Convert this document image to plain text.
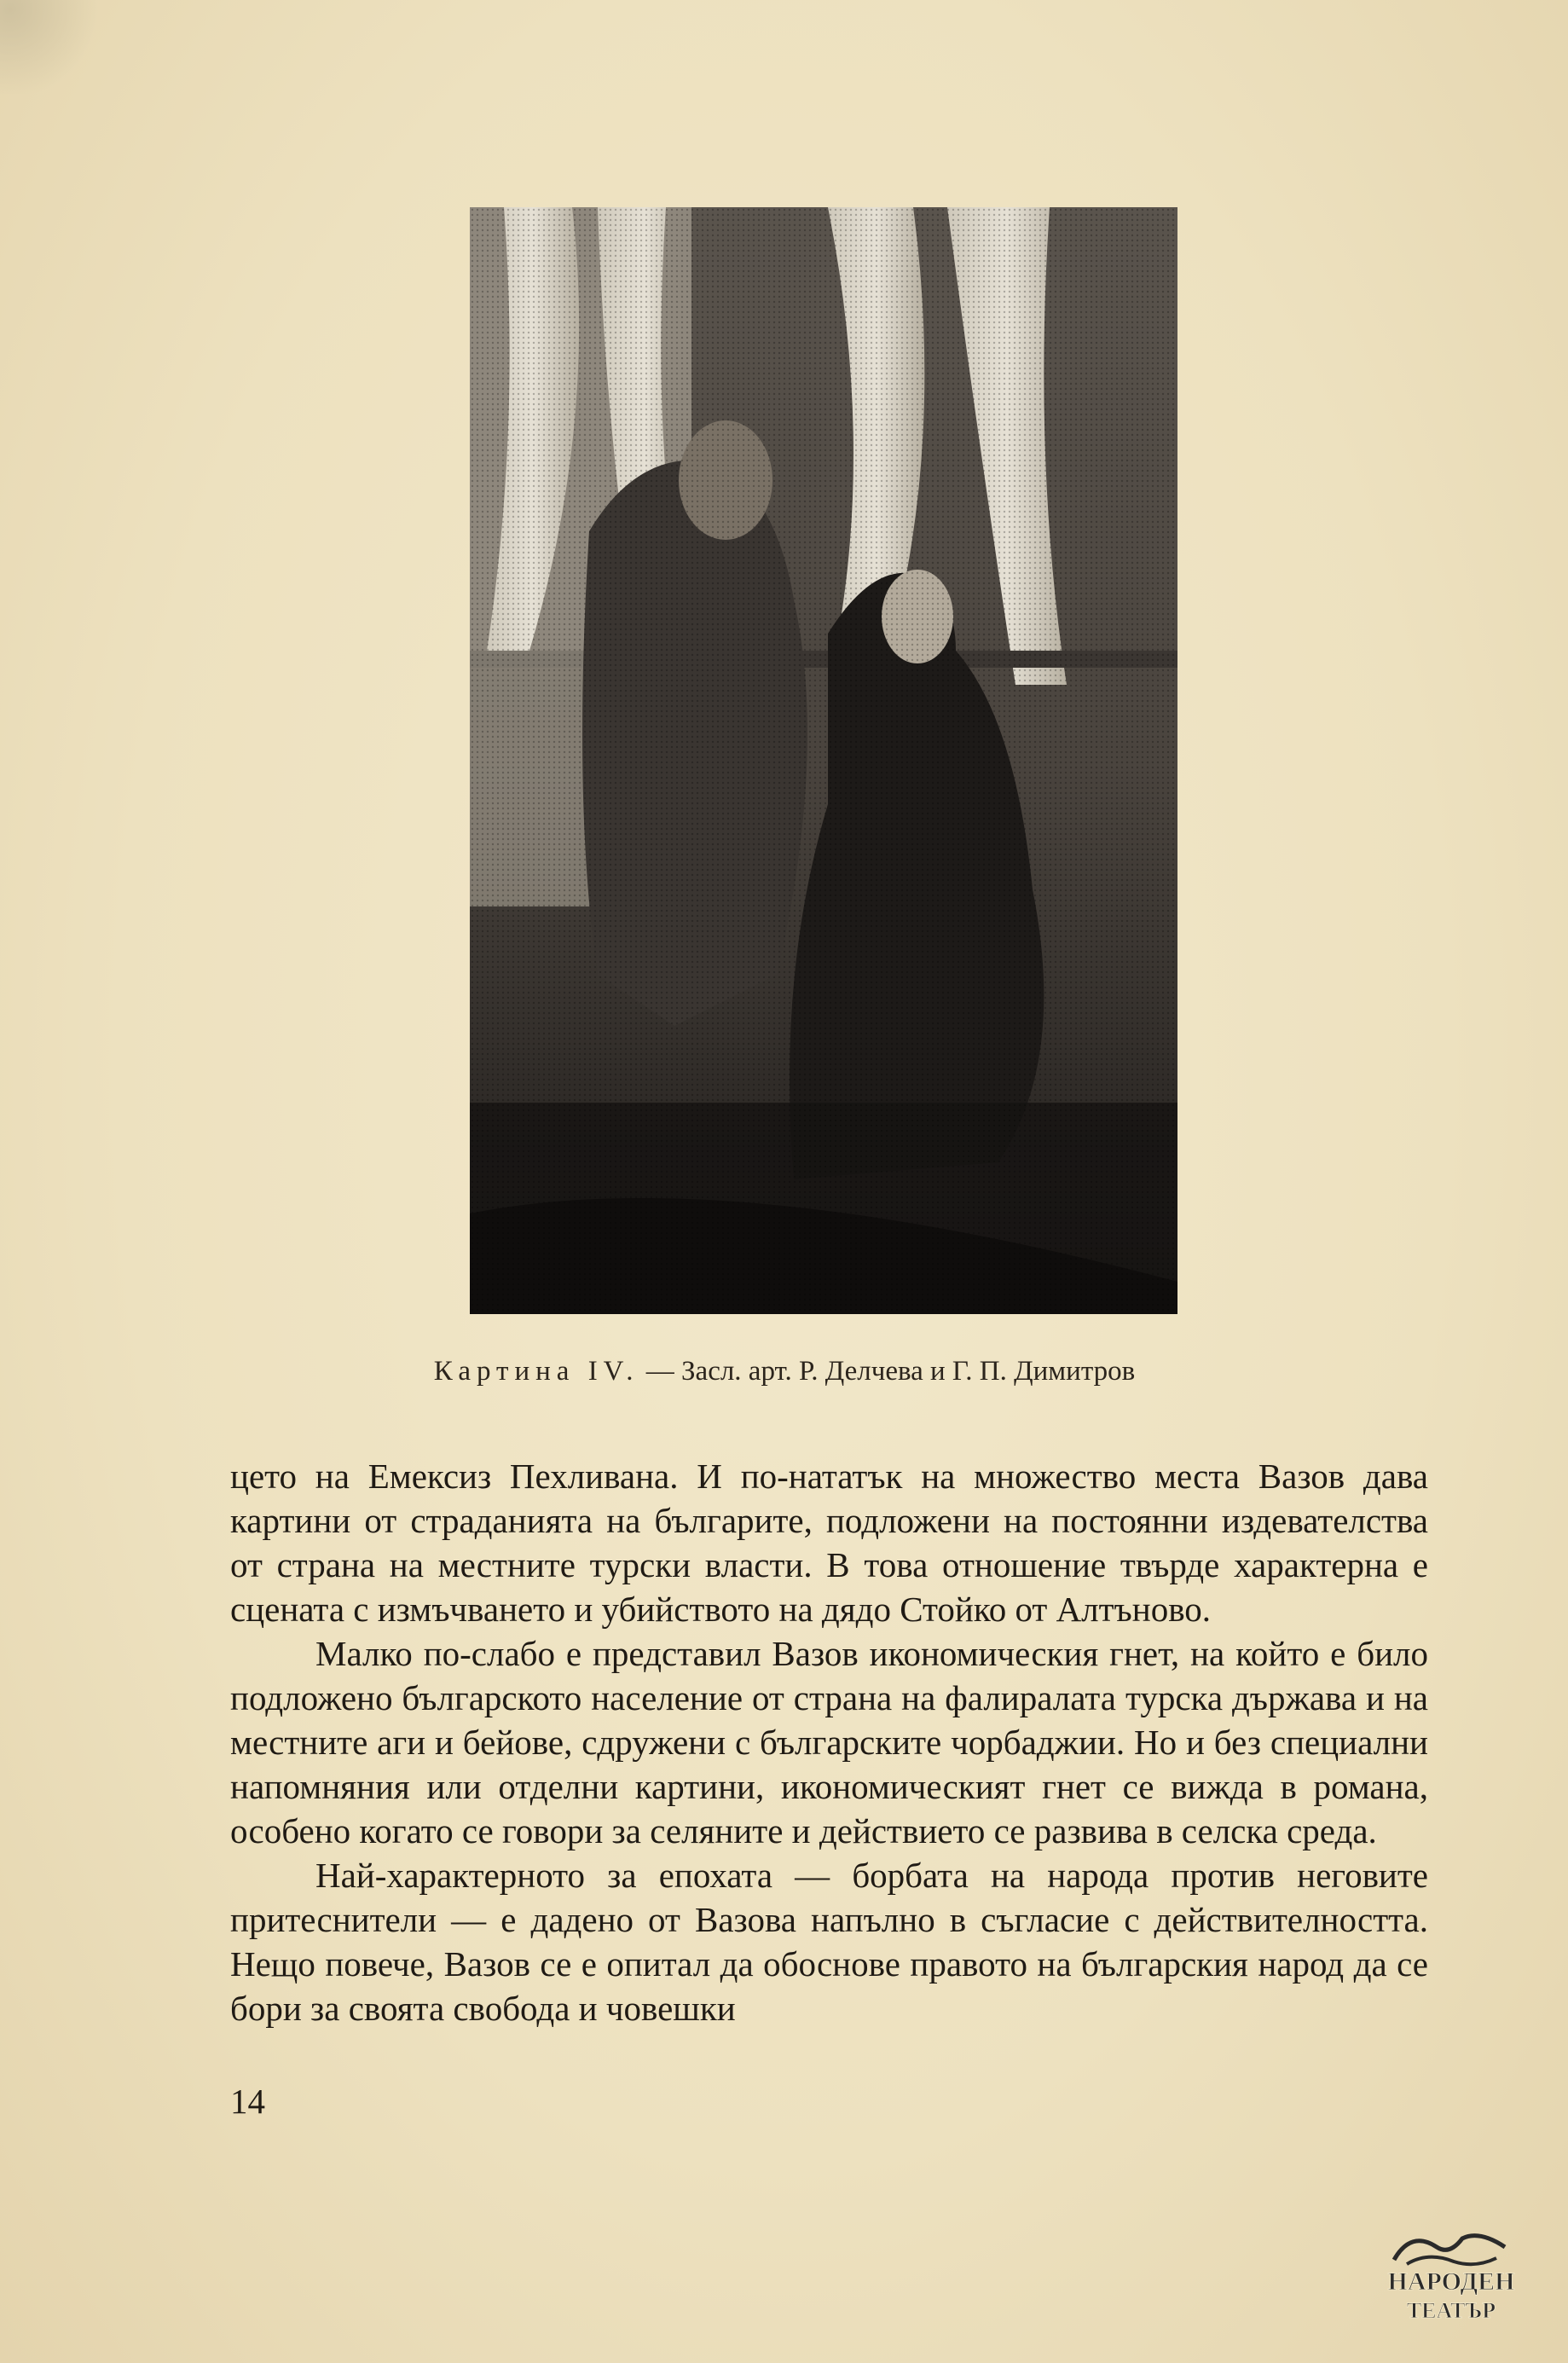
Картина IV. — Засл. арт. Р. Делчева и Г. П. Димитров

цето на Емексиз Пехливана. И по-нататък на множество места Вазов дава картини от страданията на българите, подложени на постоянни издевателства от страна на местните турски власти. В това отношение твърде характерна е сцената с измъчването и убийството на дядо Стойко от Алтъново.

Малко по-слабо е представил Вазов икономическия гнет, на който е било подложено българското население от страна на фалиралата турска държава и на местните аги и бейове, сдружени с българските чорбаджии. Но и без специални напомняния или отделни картини, икономическият гнет се вижда в романа, особено когато се говори за селяните и действието се развива в селска среда.

Най-характерното за епохата — борбата на народа против неговите притеснители — е дадено от Вазова напълно в съгласие с действителността. Нещо повече, Вазов се е опитал да обоснове правото на българския народ да се бори за своята свобода и човешки

14
НАРОДЕН
ТЕАТЪР
